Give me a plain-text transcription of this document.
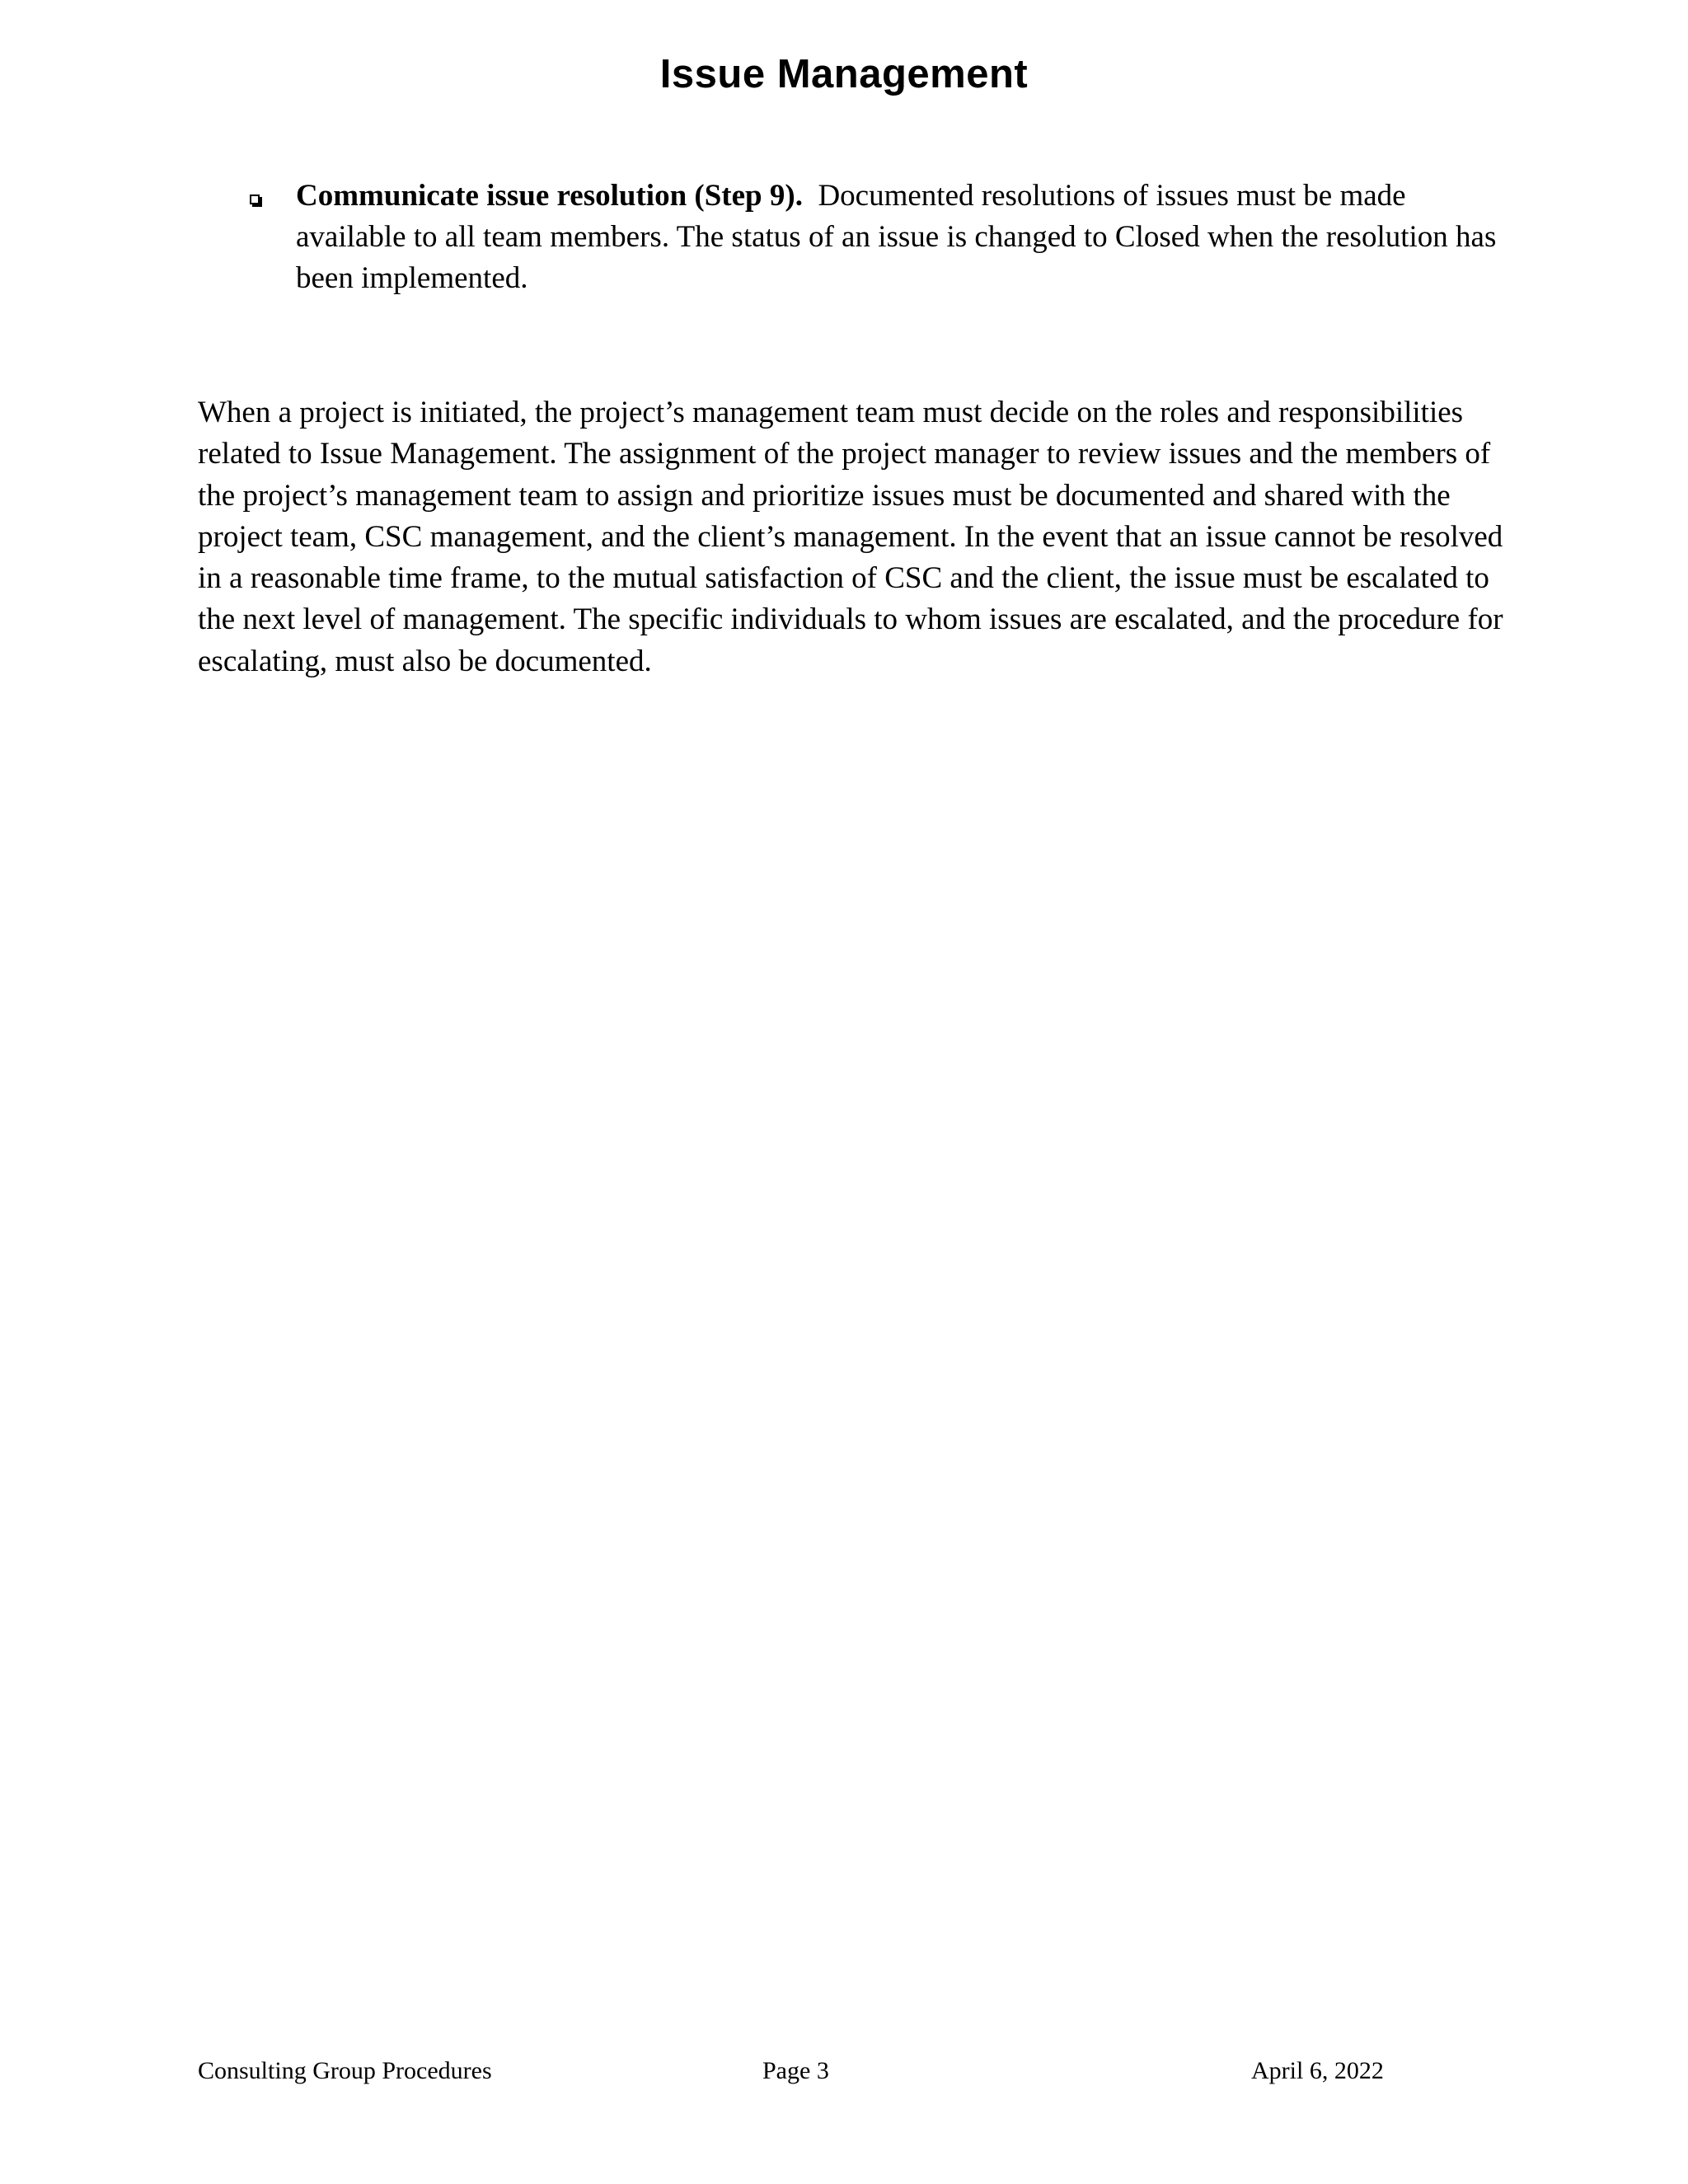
Issue Management
Communicate issue resolution (Step 9). Documented resolutions of issues must be made available to all team members. The status of an issue is changed to Closed when the resolution has been implemented.

When a project is initiated, the project’s management team must decide on the roles and responsibilities related to Issue Management. The assignment of the project manager to review issues and the members of the project’s management team to assign and prioritize issues must be documented and shared with the project team, CSC management, and the client’s management. In the event that an issue cannot be resolved in a reasonable time frame, to the mutual satisfaction of CSC and the client, the issue must be escalated to the next level of management. The specific individuals to whom issues are escalated, and the procedure for escalating, must also be documented.

Consulting Group Procedures	Page 3	April 6, 2022
